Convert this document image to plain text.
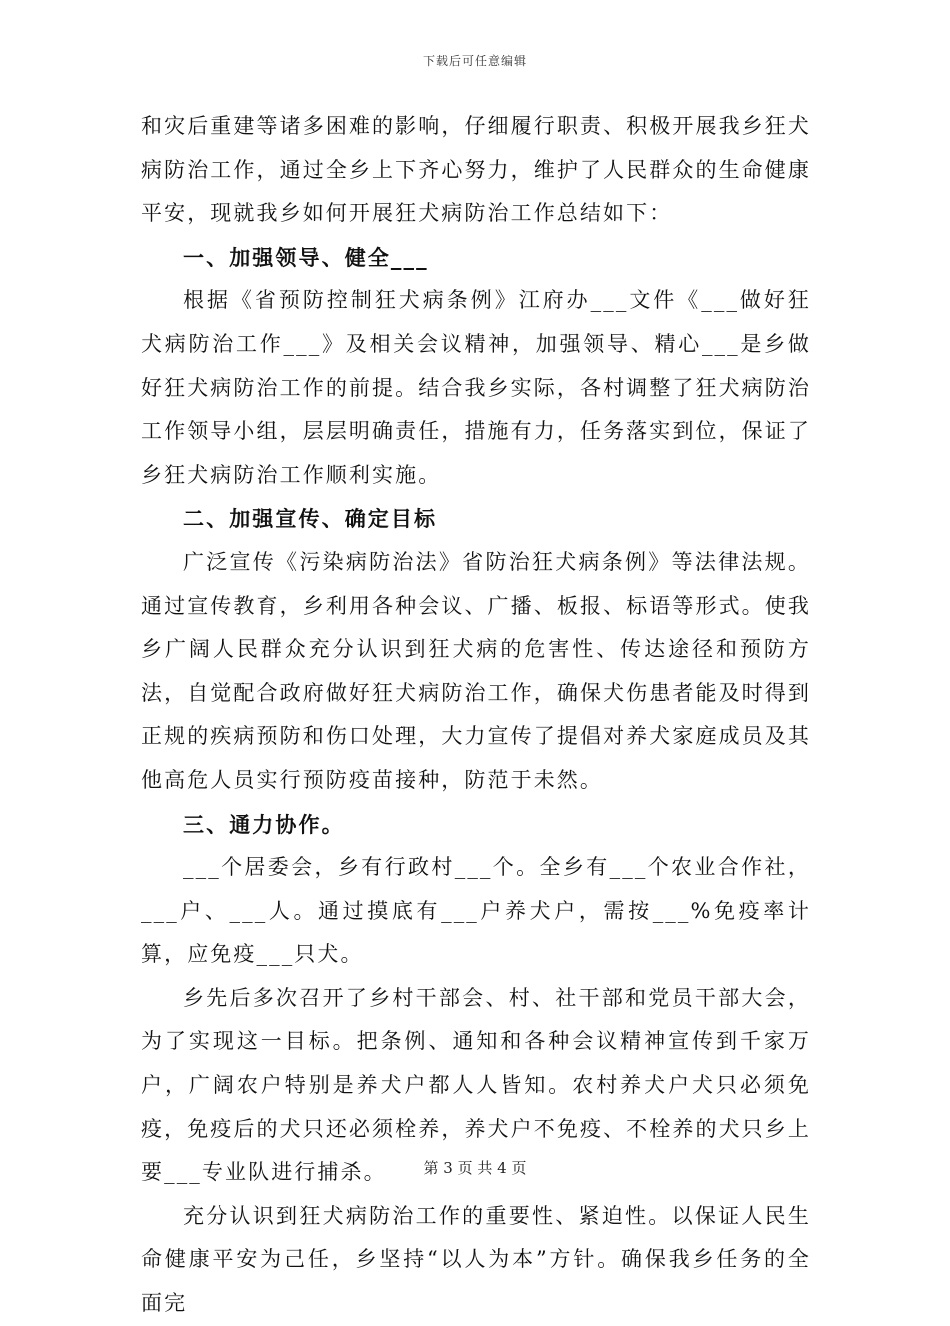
下载后可任意编辑

和灾后重建等诸多困难的影响，仔细履行职责、积极开展我乡狂犬病防治工作，通过全乡上下齐心努力，维护了人民群众的生命健康平安，现就我乡如何开展狂犬病防治工作总结如下：

一、加强领导、健全___

根据《省预防控制狂犬病条例》江府办___文件《___做好狂犬病防治工作___》及相关会议精神，加强领导、精心___是乡做好狂犬病防治工作的前提。结合我乡实际，各村调整了狂犬病防治工作领导小组，层层明确责任，措施有力，任务落实到位，保证了乡狂犬病防治工作顺利实施。

二、加强宣传、确定目标

广泛宣传《污染病防治法》省防治狂犬病条例》等法律法规。通过宣传教育，乡利用各种会议、广播、板报、标语等形式。使我乡广阔人民群众充分认识到狂犬病的危害性、传达途径和预防方法，自觉配合政府做好狂犬病防治工作，确保犬伤患者能及时得到正规的疾病预防和伤口处理，大力宣传了提倡对养犬家庭成员及其他高危人员实行预防疫苗接种，防范于未然。

三、通力协作。

___个居委会，乡有行政村___个。全乡有___个农业合作社，___户、___人。通过摸底有___户养犬户，需按___%免疫率计算，应免疫___只犬。

乡先后多次召开了乡村干部会、村、社干部和党员干部大会，为了实现这一目标。把条例、通知和各种会议精神宣传到千家万户，广阔农户特别是养犬户都人人皆知。农村养犬户犬只必须免疫，免疫后的犬只还必须栓养，养犬户不免疫、不栓养的犬只乡上要___专业队进行捕杀。

充分认识到狂犬病防治工作的重要性、紧迫性。以保证人民生命健康平安为己任，乡坚持“以人为本”方针。确保我乡任务的全面完

第 3 页 共 4 页
